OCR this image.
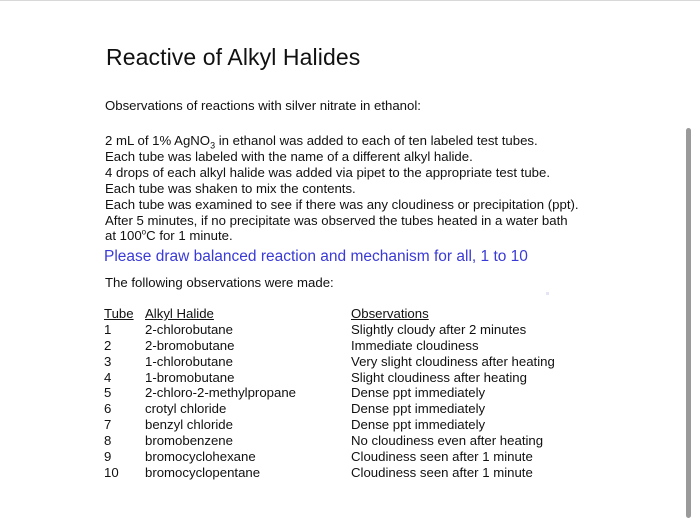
Reactive of Alkyl Halides
Observations of reactions with silver nitrate in ethanol:
2 mL of 1% AgNO$_3$ in ethanol was added to each of ten labeled test tubes.
Each tube was labeled with the name of a different alkyl halide.
4 drops of each alkyl halide was added via pipet to the appropriate test tube.
Each tube was shaken to mix the contents.
Each tube was examined to see if there was any cloudiness or precipitation (ppt).
After 5 minutes, if no precipitate was observed the tubes heated in a water bath
at 100$^o$C for 1 minute.
Please draw balanced reaction and mechanism for all, 1 to 10
The following observations were made:
Tube Alkyl Halide	Observations
1	2-chlorobutane	Slightly cloudy after 2 minutes
2	2-bromobutane	Immediate cloudiness
3	1-chlorobutane	Very slight cloudiness after heating
4	1-bromobutane	Slight cloudiness after heating
5	2-chloro-2-methylpropane	Dense ppt immediately
6	crotyl chloride	Dense ppt immediately
7	benzyl chloride	Dense ppt immediately
8	bromobenzene	No cloudiness even after heating
9	bromocyclohexane	Cloudiness seen after 1 minute
10 bromocyclopentane	Cloudiness seen after 1 minute
